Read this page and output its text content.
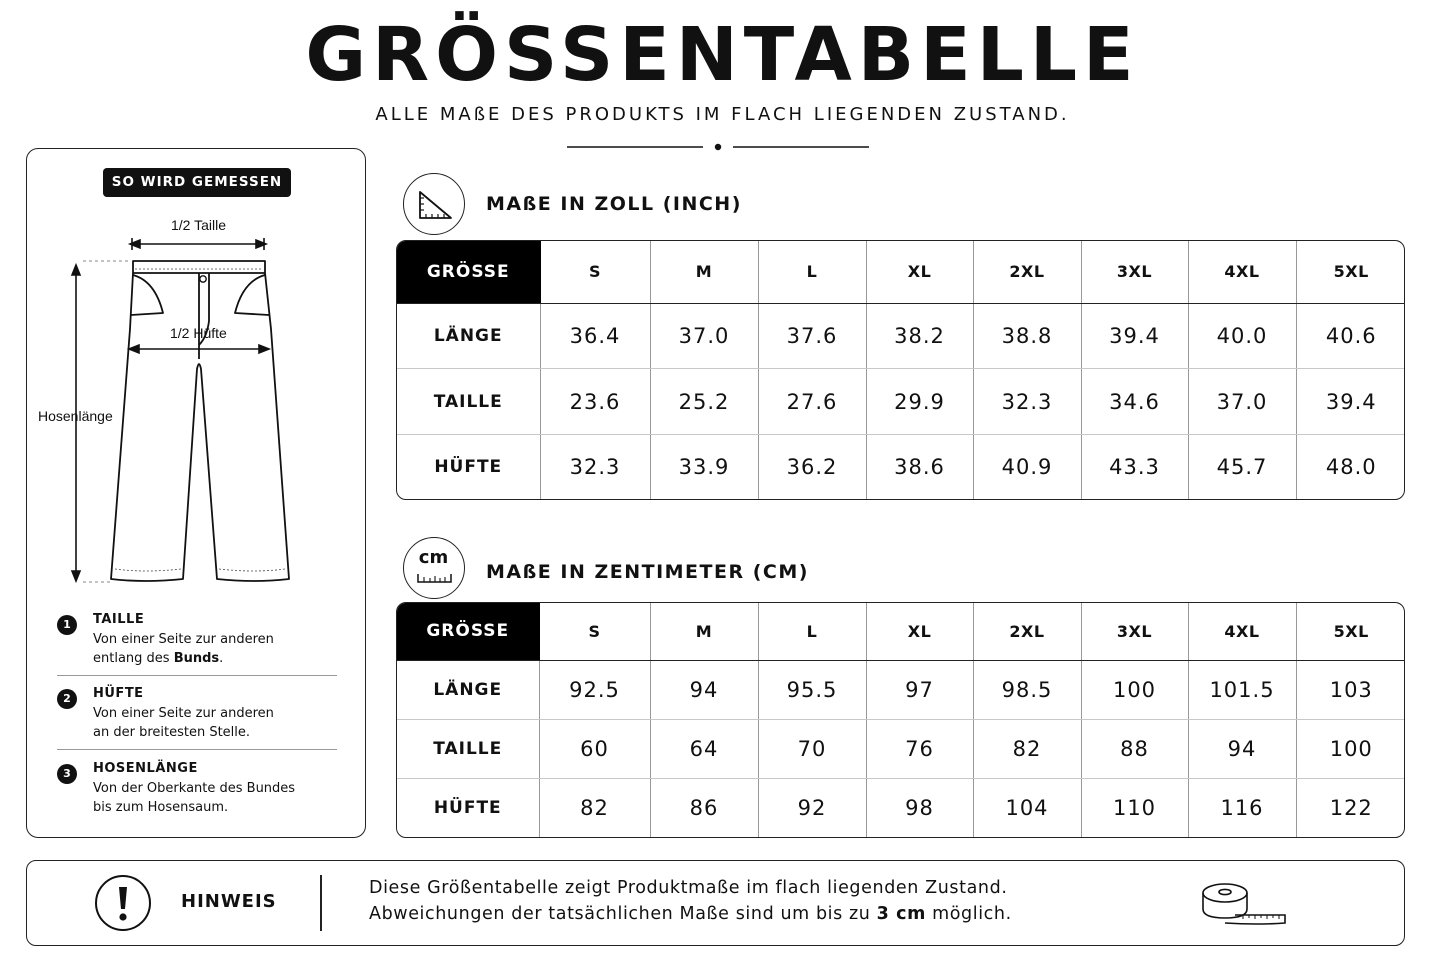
GRÖSSENTABELLE
ALLE MAßE DES PRODUKTS IM FLACH LIEGENDEN ZUSTAND.
SO WIRD GEMESSEN
1/2 Taille
1/2 Hüfte
Hosenlänge
1	TAILLE
Von einer Seite zur anderen
entlang des Bunds.
2	HÜFTE
Von einer Seite zur anderen
an der breitesten Stelle.
3	HOSENLÄNGE
Von der Oberkante des Bundes
bis zum Hosensaum.
MAßE IN ZOLL (INCH)
GRÖSSE	S	M	L	XL	2XL	3XL	4XL	5XL
LÄNGE	36.4	37.0	37.6	38.2	38.8	39.4	40.0	40.6
TAILLE	23.6	25.2	27.6	29.9	32.3	34.6	37.0	39.4
HÜFTE	32.3	33.9	36.2	38.6	40.9	43.3	45.7	48.0
cm
MAßE IN ZENTIMETER (CM)
GRÖSSE	S	M	L	XL	2XL	3XL	4XL	5XL
LÄNGE	92.5	94	95.5	97	98.5	100	101.5	103
TAILLE	60	64	70	76	82	88	94	100
HÜFTE	82	86	92	98	104	110	116	122
HINWEIS
Diese Größentabelle zeigt Produktmaße im flach liegenden Zustand.
Abweichungen der tatsächlichen Maße sind um bis zu 3 cm möglich.
